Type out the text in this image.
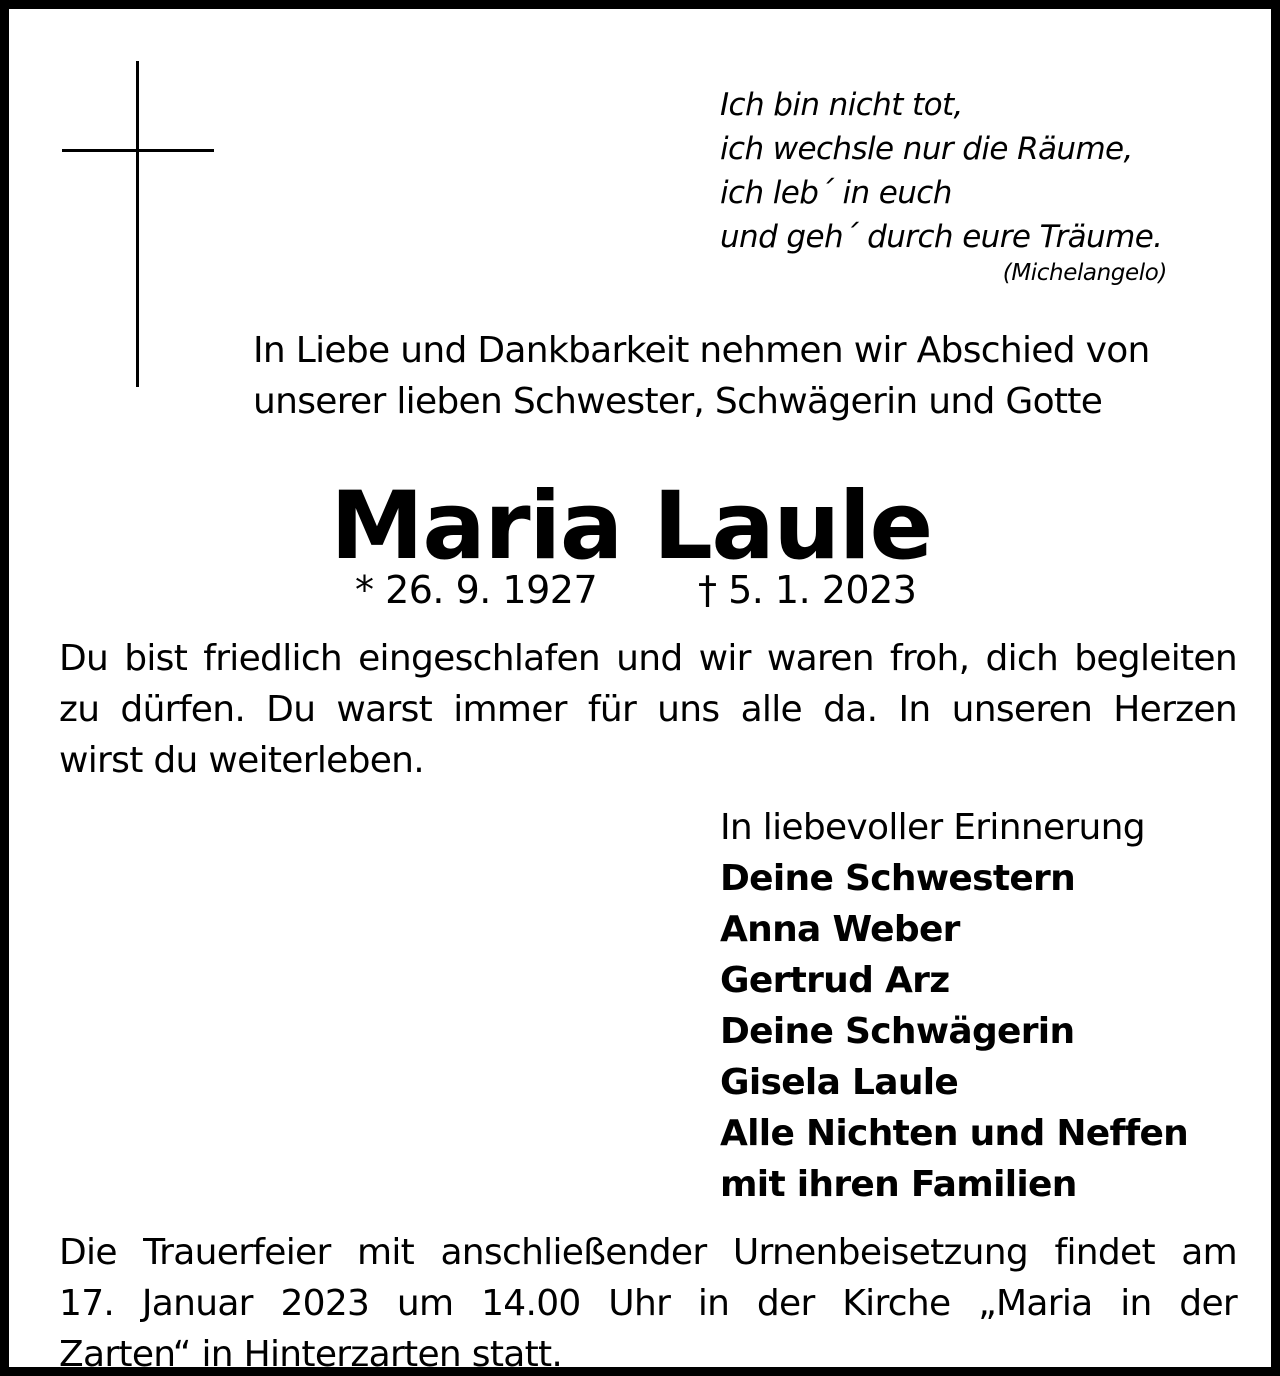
Ich bin nicht tot,

ich wechsle nur die Räume,

ich leb´ in euch

und geh´ durch eure Träume.

(Michelangelo)

In Liebe und Dankbarkeit nehmen wir Abschied von

unserer lieben Schwester, Schwägerin und Gotte

Maria Laule

* 26. 9. 1927	† 5. 1. 2023

Du bist friedlich eingeschlafen und wir waren froh, dich begleiten

zu dürfen. Du warst immer für uns alle da. In unseren Herzen

wirst du weiterleben.

In liebevoller Erinnerung

Deine Schwestern

Anna Weber

Gertrud Arz

Deine Schwägerin

Gisela Laule

Alle Nichten und Neffen

mit ihren Familien

Die Trauerfeier mit anschließender Urnenbeisetzung findet am

17. Januar 2023 um 14.00 Uhr in der Kirche „Maria in der

Zarten“ in Hinterzarten statt.
